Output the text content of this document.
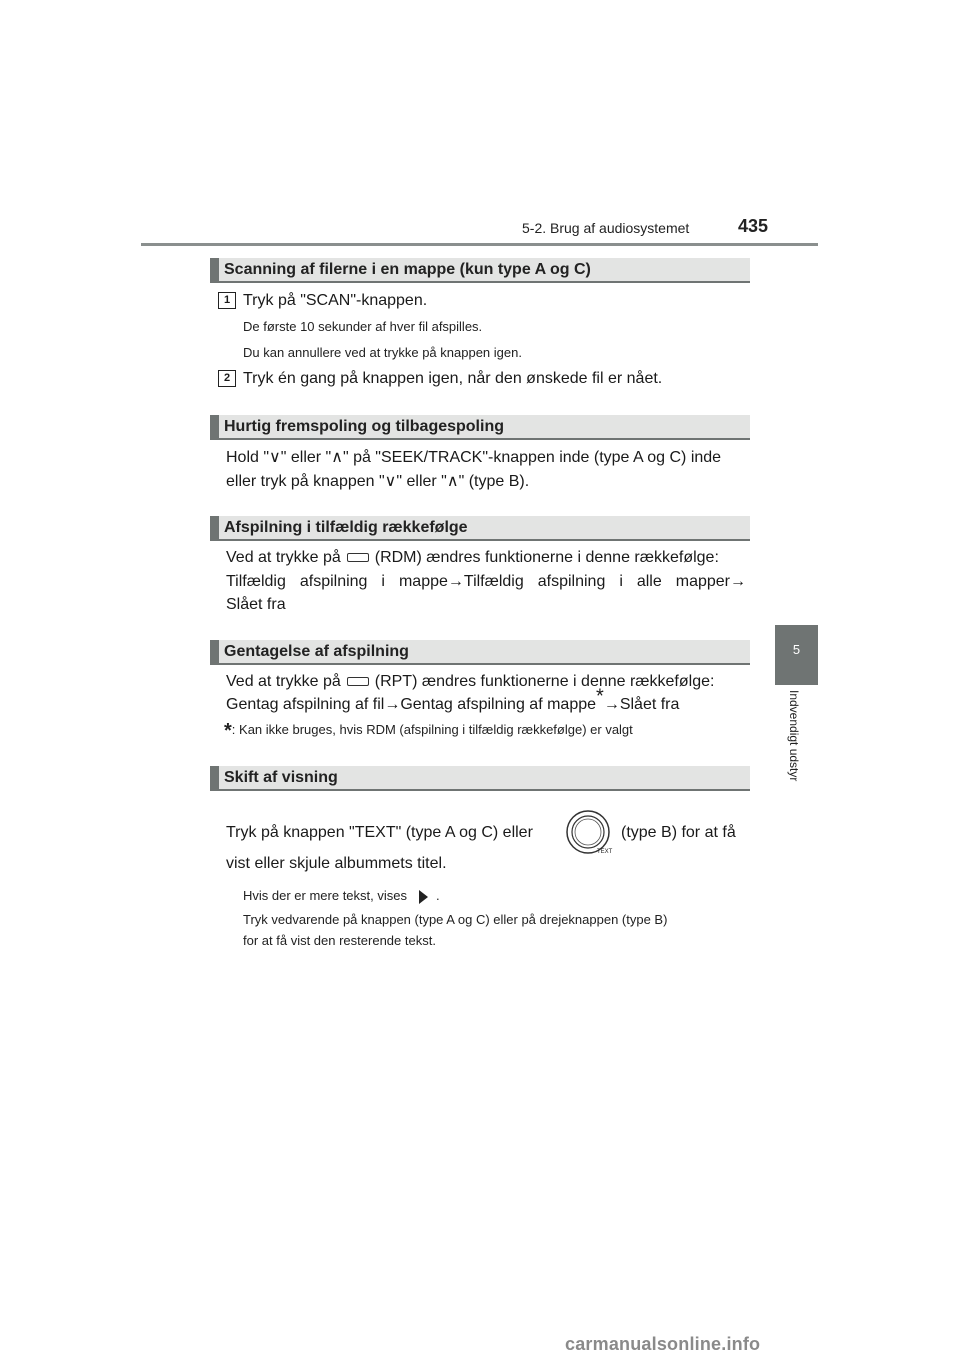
5-2. Brug af audiosystemet	435
5
Indvendigt udstyr
Scanning af filerne i en mappe (kun type A og C)
1 Tryk på "SCAN"-knappen.
De første 10 sekunder af hver fil afspilles.
Du kan annullere ved at trykke på knappen igen.
2 Tryk én gang på knappen igen, når den ønskede fil er nået.
Hurtig fremspoling og tilbagespoling
Hold "∨" eller "∧" på "SEEK/TRACK"-knappen inde (type A og C) inde
eller tryk på knappen "∨" eller "∧" (type B).
Afspilning i tilfældig rækkefølge
Ved at trykke på (RDM) ændres funktionerne i denne rækkefølge:
Tilfældig afspilning i mappe→Tilfældig afspilning i alle mapper→
Slået fra
Gentagelse af afspilning
Ved at trykke på (RPT) ændres funktionerne i denne rækkefølge:
Gentag afspilning af fil→Gentag afspilning af mappe*→Slået fra
*: Kan ikke bruges, hvis RDM (afspilning i tilfældig rækkefølge) er valgt
Skift af visning
Tryk på knappen "TEXT" (type A og C) eller
TEXT
(type B) for at få
vist eller skjule albummets titel.
Hvis der er mere tekst, vises .
Tryk vedvarende på knappen (type A og C) eller på drejeknappen (type B)
for at få vist den resterende tekst.
carmanualsonline.info
